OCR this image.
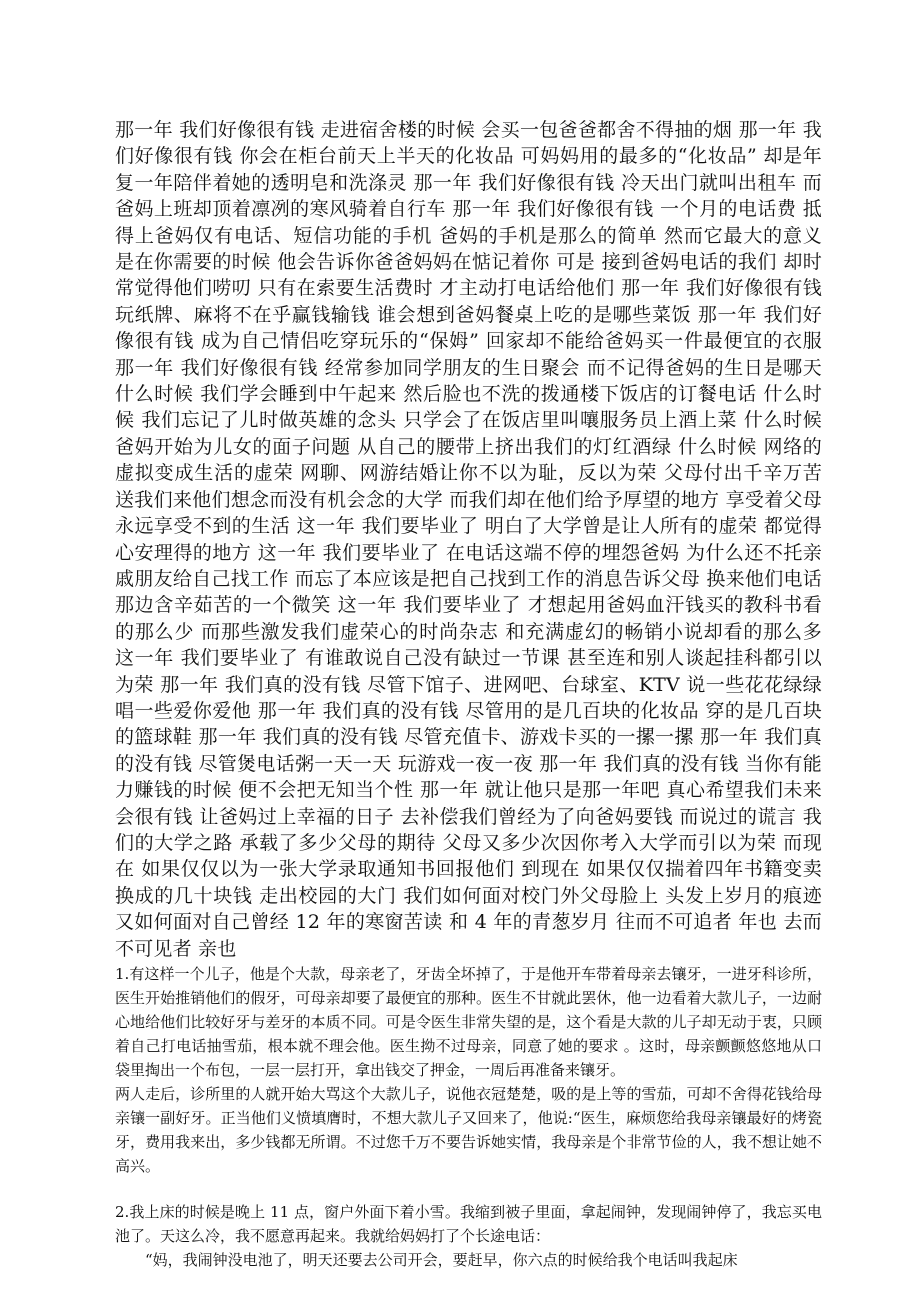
那一年 我们好像很有钱 走进宿舍楼的时候 会买一包爸爸都舍不得抽的烟 那一年 我们好像很有钱 你会在柜台前天上半天的化妆品 可妈妈用的最多的“化妆品” 却是年复一年陪伴着她的透明皂和洗涤灵 那一年 我们好像很有钱 冷天出门就叫出租车 而爸妈上班却顶着凛冽的寒风骑着自行车 那一年 我们好像很有钱 一个月的电话费 抵得上爸妈仅有电话、短信功能的手机 爸妈的手机是那么的简单 然而它最大的意义 是在你需要的时候 他会告诉你爸爸妈妈在惦记着你 可是 接到爸妈电话的我们 却时常觉得他们唠叨 只有在索要生活费时 才主动打电话给他们 那一年 我们好像很有钱 玩纸牌、麻将不在乎赢钱输钱 谁会想到爸妈餐桌上吃的是哪些菜饭 那一年 我们好像很有钱 成为自己情侣吃穿玩乐的“保姆” 回家却不能给爸妈买一件最便宜的衣服 那一年 我们好像很有钱 经常参加同学朋友的生日聚会 而不记得爸妈的生日是哪天 什么时候 我们学会睡到中午起来 然后脸也不洗的拨通楼下饭店的订餐电话 什么时候 我们忘记了儿时做英雄的念头 只学会了在饭店里叫嚷服务员上酒上菜 什么时候 爸妈开始为儿女的面子问题 从自己的腰带上挤出我们的灯红酒绿 什么时候 网络的虚拟变成生活的虚荣 网聊、网游结婚让你不以为耻，反以为荣 父母付出千辛万苦 送我们来他们想念而没有机会念的大学 而我们却在他们给予厚望的地方 享受着父母永远享受不到的生活 这一年 我们要毕业了 明白了大学曾是让人所有的虚荣 都觉得心安理得的地方 这一年 我们要毕业了 在电话这端不停的埋怨爸妈 为什么还不托亲戚朋友给自己找工作 而忘了本应该是把自己找到工作的消息告诉父母 换来他们电话那边含辛茹苦的一个微笑 这一年 我们要毕业了 才想起用爸妈血汗钱买的教科书看的那么少 而那些激发我们虚荣心的时尚杂志 和充满虚幻的畅销小说却看的那么多 这一年 我们要毕业了 有谁敢说自己没有缺过一节课 甚至连和别人谈起挂科都引以为荣 那一年 我们真的没有钱 尽管下馆子、进网吧、台球室、KTV 说一些花花绿绿 唱一些爱你爱他 那一年 我们真的没有钱 尽管用的是几百块的化妆品 穿的是几百块的篮球鞋 那一年 我们真的没有钱 尽管充值卡、游戏卡买的一摞一摞 那一年 我们真的没有钱 尽管煲电话粥一天一天 玩游戏一夜一夜 那一年 我们真的没有钱 当你有能力赚钱的时候 便不会把无知当个性 那一年 就让他只是那一年吧 真心希望我们未来会很有钱 让爸妈过上幸福的日子 去补偿我们曾经为了向爸妈要钱 而说过的谎言 我们的大学之路 承载了多少父母的期待 父母又多少次因你考入大学而引以为荣 而现在 如果仅仅以为一张大学录取通知书回报他们 到现在 如果仅仅揣着四年书籍变卖换成的几十块钱 走出校园的大门 我们如何面对校门外父母脸上 头发上岁月的痕迹 又如何面对自己曾经 12 年的寒窗苦读 和 4 年的青葱岁月 往而不可追者 年也 去而不可见者 亲也

1.有这样一个儿子，他是个大款，母亲老了，牙齿全坏掉了，于是他开车带着母亲去镶牙，一进牙科诊所，医生开始推销他们的假牙，可母亲却要了最便宜的那种。医生不甘就此罢休，他一边看着大款儿子，一边耐心地给他们比较好牙与差牙的本质不同。可是令医生非常失望的是，这个看是大款的儿子却无动于衷，只顾着自己打电话抽雪茄，根本就不理会他。医生拗不过母亲，同意了她的要求 。这时，母亲颤颤悠悠地从口袋里掏出一个布包，一层一层打开，拿出钱交了押金，一周后再准备来镶牙。

两人走后，诊所里的人就开始大骂这个大款儿子，说他衣冠楚楚，吸的是上等的雪茄，可却不舍得花钱给母亲镶一副好牙。正当他们义愤填膺时，不想大款儿子又回来了，他说:“医生，麻烦您给我母亲镶最好的烤瓷牙，费用我来出，多少钱都无所谓。不过您千万不要告诉她实情，我母亲是个非常节俭的人，我不想让她不高兴。

2.我上床的时候是晚上 11 点，窗户外面下着小雪。我缩到被子里面，拿起闹钟，发现闹钟停了，我忘买电池了。天这么冷，我不愿意再起来。我就给妈妈打了个长途电话：

“妈，我闹钟没电池了，明天还要去公司开会，要赶早，你六点的时候给我个电话叫我起床
